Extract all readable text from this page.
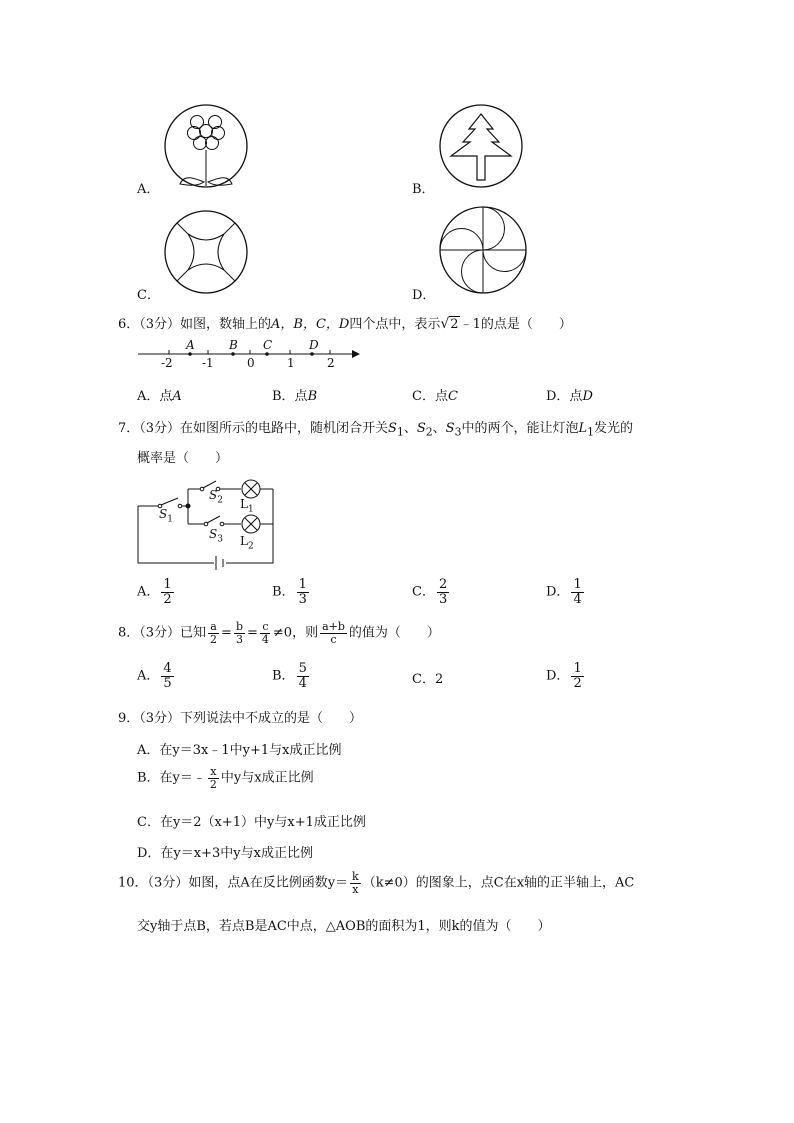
A．	B．
C．	D．
6．（3分）如图，数轴上的A，B，C，D四个点中，表示√2﹣1的点是（　　）
A	B C	D
-2 -1	0	1	2
A．点A	B．点B	C．点C	D．点D
7．（3分）在如图所示的电路中，随机闭合开关$S_1$、$S_2$、$S_3$中的两个，能让灯泡$L_1$发光的
概率是（　　）
$S_1$
$S_2$
$S_3$
$L_1$
$L_2$
A． $\frac{1}{2}$	B． $\frac{1}{3}$	C． $\frac{2}{3}$	D． $\frac{1}{4}$
8．（3分）已知 $\frac{a}{2} = \frac{b}{3} = \frac{c}{4} \ne 0$，则 $\frac{a+b}{c}$ 的值为（　　）
A． $\frac{4}{5}$	B． $\frac{5}{4}$	C．2	D． $\frac{1}{2}$
9．（3分）下列说法中不成立的是（　　）
A．在y＝3x﹣1中y+1与x成正比例
B．在y＝﹣ $\frac{x}{2}$ 中y与x成正比例
C．在y＝2（x+1）中y与x+1成正比例
D．在y＝x+3中y与x成正比例
10．（3分）如图，点A在反比例函数$y= \frac{k}{x} (k\ne 0)$的图象上，点C在x轴的正半轴上，AC
交y轴于点B，若点B是AC中点，△AOB的面积为1，则k的值为（　　）
